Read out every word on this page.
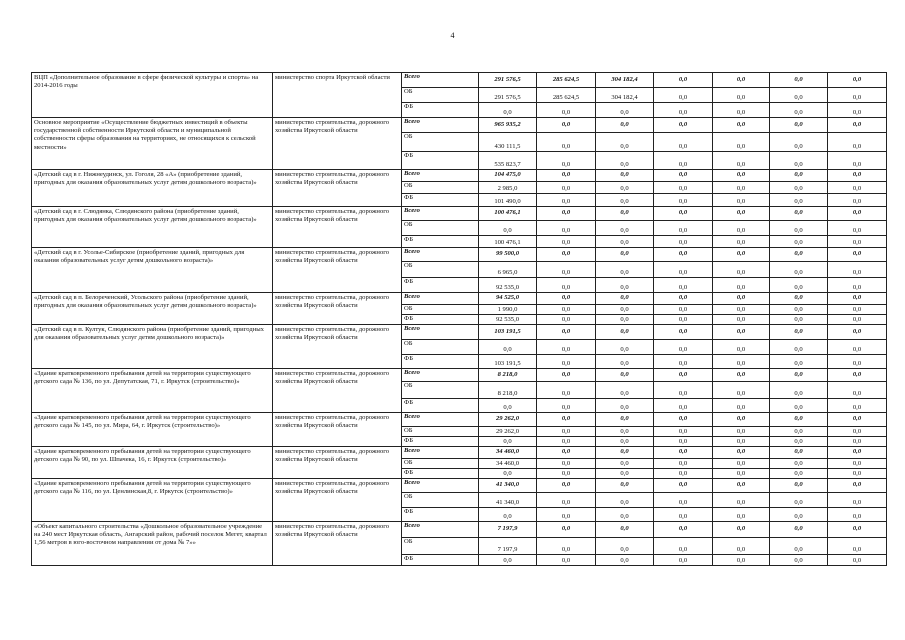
4
ВЦП «Дополнительное образование в сфере физической культуры и спорта» на 2014-2016 годы	министерство спорта Иркутской области	Всего	291 576,5	285 624,5	304 182,4	0,0	0,0	0,0	0,0
		ОБ	291 576,5	285 624,5	304 182,4	0,0	0,0	0,0	0,0
		ФБ	0,0	0,0	0,0	0,0	0,0	0,0	0,0
Основное мероприятие «Осуществление бюджетных инвестиций в объекты государственной собственности Иркутской области и муниципальной собственности сферы образования на территориях, не относящихся к сельской местности»	министерство строительства, дорожного хозяйства Иркутской области	Всего	965 935,2	0,0	0,0	0,0	0,0	0,0	0,0
		ОБ	430 111,5	0,0	0,0	0,0	0,0	0,0	0,0
		ФБ	535 823,7	0,0	0,0	0,0	0,0	0,0	0,0
«Детский сад в г. Нижнеудинск, ул. Гоголя, 28 «А» (приобретение зданий, пригодных для оказания образовательных услуг детям дошкольного возраста)»	министерство строительства, дорожного хозяйства Иркутской области	Всего	104 475,0	0,0	0,0	0,0	0,0	0,0	0,0
		ОБ	2 985,0	0,0	0,0	0,0	0,0	0,0	0,0
		ФБ	101 490,0	0,0	0,0	0,0	0,0	0,0	0,0
«Детский сад в г. Слюдянка, Слюдянского района (приобретение зданий, пригодных для оказания образовательных услуг детям дошкольного возраста)»	министерство строительства, дорожного хозяйства Иркутской области	Всего	100 476,1	0,0	0,0	0,0	0,0	0,0	0,0
		ОБ	0,0	0,0	0,0	0,0	0,0	0,0	0,0
		ФБ	100 476,1	0,0	0,0	0,0	0,0	0,0	0,0
«Детский сад в г. Усолье-Сибирское (приобретение зданий, пригодных для оказания образовательных услуг детям дошкольного возраста)»	министерство строительства, дорожного хозяйства Иркутской области	Всего	99 500,0	0,0	0,0	0,0	0,0	0,0	0,0
		ОБ	6 965,0	0,0	0,0	0,0	0,0	0,0	0,0
		ФБ	92 535,0	0,0	0,0	0,0	0,0	0,0	0,0
«Детский сад в п. Белореченский, Усольского района (приобретение зданий, пригодных для оказания образовательных услуг детям дошкольного возраста)»	министерство строительства, дорожного хозяйства Иркутской области	Всего	94 525,0	0,0	0,0	0,0	0,0	0,0	0,0
		ОБ	1 990,0	0,0	0,0	0,0	0,0	0,0	0,0
		ФБ	92 535,0	0,0	0,0	0,0	0,0	0,0	0,0
«Детский сад в п. Култук, Слюдянского района (приобретение зданий, пригодных для оказания образовательных услуг детям дошкольного возраста)»	министерство строительства, дорожного хозяйства Иркутской области	Всего	103 191,5	0,0	0,0	0,0	0,0	0,0	0,0
		ОБ	0,0	0,0	0,0	0,0	0,0	0,0	0,0
		ФБ	103 191,5	0,0	0,0	0,0	0,0	0,0	0,0
«Здание кратковременного пребывания детей на территории существующего детского сада № 136, по ул. Депутатская, 71, г. Иркутск (строительство)»	министерство строительства, дорожного хозяйства Иркутской области	Всего	8 218,0	0,0	0,0	0,0	0,0	0,0	0,0
		ОБ	8 218,0	0,0	0,0	0,0	0,0	0,0	0,0
		ФБ	0,0	0,0	0,0	0,0	0,0	0,0	0,0
«Здание кратковременного пребывания детей на территории существующего детского сада № 145, по ул. Мира, 64, г. Иркутск (строительство)»	министерство строительства, дорожного хозяйства Иркутской области	Всего	29 262,0	0,0	0,0	0,0	0,0	0,0	0,0
		ОБ	29 262,0	0,0	0,0	0,0	0,0	0,0	0,0
		ФБ	0,0	0,0	0,0	0,0	0,0	0,0	0,0
«Здание кратковременного пребывания детей на территории существующего детского сада № 90, по ул. Шпачека, 16, г. Иркутск (строительство)»	министерство строительства, дорожного хозяйства Иркутской области	Всего	34 460,0	0,0	0,0	0,0	0,0	0,0	0,0
		ОБ	34 460,0	0,0	0,0	0,0	0,0	0,0	0,0
		ФБ	0,0	0,0	0,0	0,0	0,0	0,0	0,0
«Здание кратковременного пребывания детей на территории существующего детского сада № 116, по ул. Ценлинская,8, г. Иркутск (строительство)»	министерство строительства, дорожного хозяйства Иркутской области	Всего	41 340,0	0,0	0,0	0,0	0,0	0,0	0,0
		ОБ	41 340,0	0,0	0,0	0,0	0,0	0,0	0,0
		ФБ	0,0	0,0	0,0	0,0	0,0	0,0	0,0
«Объект капитального строительства «Дошкольное образовательное учреждение на 240 мест Иркутская область, Ангарский район, рабочий поселок Мегет, квартал 1,56 метров в юго-восточном направлении от дома № 7»»	министерство строительства, дорожного хозяйства Иркутской области	Всего	7 197,9	0,0	0,0	0,0	0,0	0,0	0,0
		ОБ	7 197,9	0,0	0,0	0,0	0,0	0,0	0,0
		ФБ	0,0	0,0	0,0	0,0	0,0	0,0	0,0
